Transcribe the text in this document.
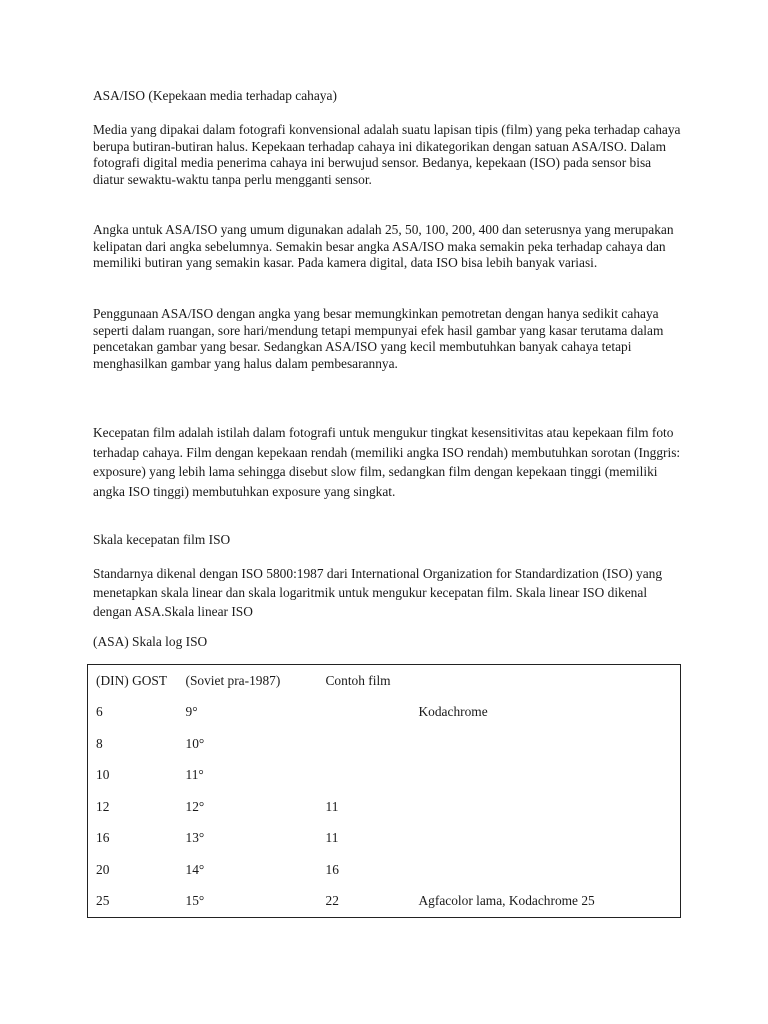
ASA/ISO (Kepekaan media terhadap cahaya)

Media yang dipakai dalam fotografi konvensional adalah suatu lapisan tipis (film) yang peka terhadap cahaya berupa butiran-butiran halus. Kepekaan terhadap cahaya ini dikategorikan dengan satuan ASA/ISO. Dalam fotografi digital media penerima cahaya ini berwujud sensor. Bedanya, kepekaan (ISO) pada sensor bisa diatur sewaktu-waktu tanpa perlu mengganti sensor.

Angka untuk ASA/ISO yang umum digunakan adalah 25, 50, 100, 200, 400 dan seterusnya yang merupakan kelipatan dari angka sebelumnya. Semakin besar angka ASA/ISO maka semakin peka terhadap cahaya dan memiliki butiran yang semakin kasar. Pada kamera digital, data ISO bisa lebih banyak variasi.

Penggunaan ASA/ISO dengan angka yang besar memungkinkan pemotretan dengan hanya sedikit cahaya seperti dalam ruangan, sore hari/mendung tetapi mempunyai efek hasil gambar yang kasar terutama dalam pencetakan gambar yang besar. Sedangkan ASA/ISO yang kecil membutuhkan banyak cahaya tetapi menghasilkan gambar yang halus dalam pembesarannya.

Kecepatan film adalah istilah dalam fotografi untuk mengukur tingkat kesensitivitas atau kepekaan film foto terhadap cahaya. Film dengan kepekaan rendah (memiliki angka ISO rendah) membutuhkan sorotan (Inggris: exposure) yang lebih lama sehingga disebut slow film, sedangkan film dengan kepekaan tinggi (memiliki angka ISO tinggi) membutuhkan exposure yang singkat.

Skala kecepatan film ISO

Standarnya dikenal dengan ISO 5800:1987 dari International Organization for Standardization (ISO) yang menetapkan skala linear dan skala logaritmik untuk mengukur kecepatan film. Skala linear ISO dikenal dengan ASA.Skala linear ISO

(ASA) Skala log ISO

(DIN) GOST	(Soviet pra-1987)	Contoh film	
6	9°		Kodachrome
8	10°		
10	11°		
12	12°	11	
16	13°	11	
20	14°	16	
25	15°	22	Agfacolor lama, Kodachrome 25
